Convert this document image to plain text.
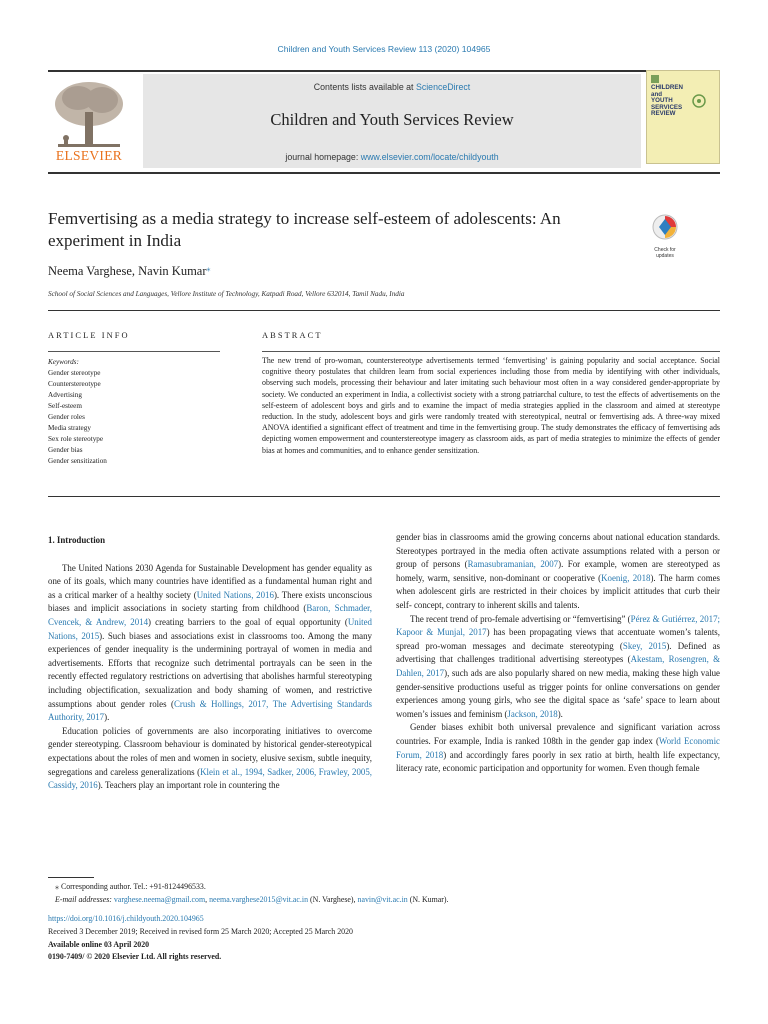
Children and Youth Services Review 113 (2020) 104965
ELSEVIER
Contents lists available at ScienceDirect
Children and Youth Services Review
journal homepage: www.elsevier.com/locate/childyouth
CHILDREN
and
YOUTH
SERVICES
REVIEW
Femvertising as a media strategy to increase self-esteem of adolescents: An experiment in India	Check for
updates
Neema Varghese, Navin Kumar⁎
School of Social Sciences and Languages, Vellore Institute of Technology, Katpadi Road, Vellore 632014, Tamil Nadu, India
ARTICLE INFO	ABSTRACT
Keywords:
Gender stereotype
Counterstereotype
Advertising
Self-esteem
Gender roles
Media strategy
Sex role stereotype
Gender bias
Gender sensitization
The new trend of pro-woman, counterstereotype advertisements termed ‘femvertising’ is gaining popularity and social acceptance. Social cognitive theory postulates that children learn from social experiences including those from media by identifying with other individuals, observing such models, processing their behaviour and later imitating such behaviour most often in a way considered gender-appropriate by society. We conducted an experiment in India, a collectivist society with a strong patriarchal culture, to test the effects of advertisements on the self-esteem of adolescent boys and girls and to examine the impact of media strategies applied in the classroom and aimed at stereotype reduction. In the study, adolescent boys and girls were randomly treated with stereotypical, neutral or femvertising ads. A three-way mixed ANOVA identified a significant effect of treatment and time in the femvertising group. The study demonstrates the efficacy of femvertising ads depicting women empowerment and counterstereotype imagery as classroom aids, as part of media strategies to minimize the effects of gender bias at homes and communities, and to enhance gender sensitization.
1. Introduction

The United Nations 2030 Agenda for Sustainable Development has gender equality as one of its goals, which many countries have identified as a fundamental human right and as a critical marker of a healthy society (United Nations, 2016). There exists unconscious biases and implicit associations in society starting from childhood (Baron, Schmader, Cvencek, & Andrew, 2014) creating barriers to the goal of equal opportunity (United Nations, 2015). Such biases and associations exist in classrooms too. Among the many experiences of gender inequality is the undermining portrayal of women in media and advertisements. Efforts that recognize such detrimental portrayals can be seen in the recently effected regulatory restrictions on advertising that abolishes harmful stereotyping including objectification, sexualization and body shaming of women, and restrictive assumptions about gender roles (Crush & Hollings, 2017, The Advertising Standards Authority, 2017).

Education policies of governments are also incorporating initiatives to overcome gender stereotyping. Classroom behaviour is dominated by historical gender-stereotypical expectations about the roles of men and women in society, elusive sexism, subtle inequity, segregations and careless generalizations (Klein et al., 1994, Sadker, 2006, Frawley, 2005, Cassidy, 2016). Teachers play an important role in countering the

gender bias in classrooms amid the growing concerns about national education standards. Stereotypes portrayed in the media often activate assumptions related with a person or group of persons (Ramasubramanian, 2007). For example, women are stereotyped as homely, warm, sensitive, non-dominant or cooperative (Koenig, 2018). The harm comes when adolescent girls are restricted in their choices by implicit attitudes that curb their self- concept, contrary to inherent skills and talents.

The recent trend of pro-female advertising or “femvertising” (Pérez & Gutiérrez, 2017; Kapoor & Munjal, 2017) has been propagating views that accentuate women’s talents, spread pro-woman messages and decimate stereotyping (Skey, 2015). Defined as advertising that challenges traditional advertising stereotypes (Akestam, Rosengren, & Dahlen, 2017), such ads are also popularly shared on new media, making these high value gender-sensitive productions useful as trigger points for online conversations on gender experiences among young girls, who see the digital space as ‘safe’ space to learn about women’s issues and feminism (Jackson, 2018).

Gender biases exhibit both universal prevalence and significant variation across countries. For example, India is ranked 108th in the gender gap index (World Economic Forum, 2018) and accordingly fares poorly in sex ratio at birth, health life expectancy, literacy rate, economic participation and opportunity for women. Even though female

⁎ Corresponding author. Tel.: +91-8124496533.
E-mail addresses: varghese.neema@gmail.com, neema.varghese2015@vit.ac.in (N. Varghese), navin@vit.ac.in (N. Kumar).
https://doi.org/10.1016/j.childyouth.2020.104965
Received 3 December 2019; Received in revised form 25 March 2020; Accepted 25 March 2020
Available online 03 April 2020
0190-7409/ © 2020 Elsevier Ltd. All rights reserved.
